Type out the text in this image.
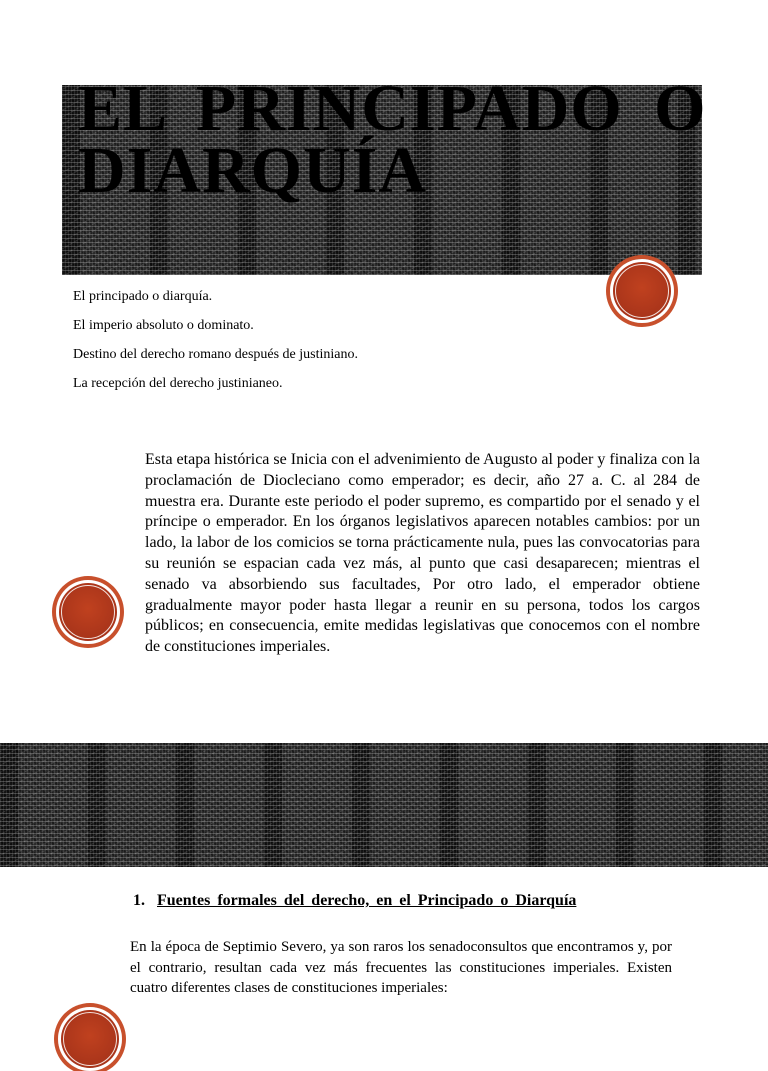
EL PRINCIPADO O DIARQUÍA
El principado o diarquía.
El imperio absoluto o dominato.
Destino del derecho romano después de justiniano.
La recepción del derecho justinianeo.

Esta etapa histórica se Inicia con el advenimiento de Augusto al poder y finaliza con la proclamación de Diocleciano como emperador; es decir, año 27 a. C. al 284 de muestra era. Durante este periodo el poder supremo, es compartido por el senado y el príncipe o emperador. En los órganos legislativos aparecen notables cambios: por un lado, la labor de los comicios se torna prácticamente nula, pues las convocatorias para su reunión se espacian cada vez más, al punto que casi desaparecen; mientras el senado va absorbiendo sus facultades, Por otro lado, el emperador obtiene gradualmente mayor poder hasta llegar a reunir en su persona, todos los cargos públicos; en consecuencia, emite medidas legislativas que conocemos con el nombre de constituciones imperiales.

1. Fuentes formales del derecho, en el Principado o Diarquía

En la época de Septimio Severo, ya son raros los senadoconsultos que encontramos y, por el contrario, resultan cada vez más frecuentes las constituciones imperiales. Existen cuatro diferentes clases de constituciones imperiales:
